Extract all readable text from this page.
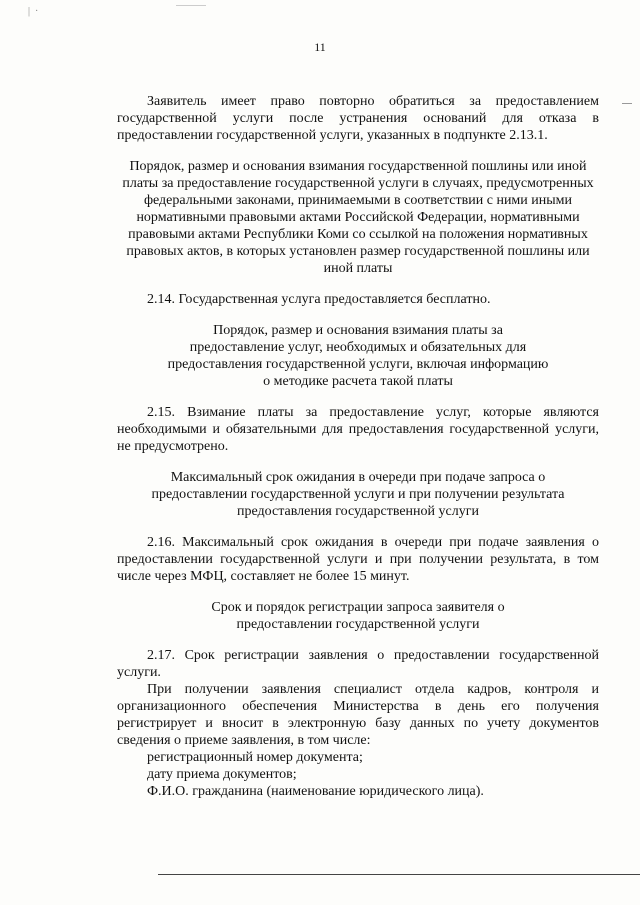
|  ·
11

Заявитель имеет право повторно обратиться за предоставлением государственной услуги после устранения оснований для отказа в предоставлении государственной услуги, указанных в подпункте 2.13.1.

Порядок, размер и основания взимания государственной пошлины или иной платы за предоставление государственной услуги в случаях, предусмотренных федеральными законами, принимаемыми в соответствии с ними иными нормативными правовыми актами Российской Федерации, нормативными правовыми актами Республики Коми со ссылкой на положения нормативных правовых актов, в которых установлен размер государственной пошлины или иной платы

2.14. Государственная услуга предоставляется бесплатно.

Порядок, размер и основания взимания платы за предоставление услуг, необходимых и обязательных для предоставления государственной услуги, включая информацию о методике расчета такой платы

2.15. Взимание платы за предоставление услуг, которые являются необходимыми и обязательными для предоставления государственной услуги, не предусмотрено.

Максимальный срок ожидания в очереди при подаче запроса о предоставлении государственной услуги и при получении результата предоставления государственной услуги

2.16. Максимальный срок ожидания в очереди при подаче заявления о предоставлении государственной услуги и при получении результата, в том числе через МФЦ, составляет не более 15 минут.

Срок и порядок регистрации запроса заявителя о предоставлении государственной услуги

2.17. Срок регистрации заявления о предоставлении государственной услуги.

При получении заявления специалист отдела кадров, контроля и организационного обеспечения Министерства в день его получения регистрирует и вносит в электронную базу данных по учету документов сведения о приеме заявления, в том числе:

регистрационный номер документа;

дату приема документов;

Ф.И.О. гражданина (наименование юридического лица).
